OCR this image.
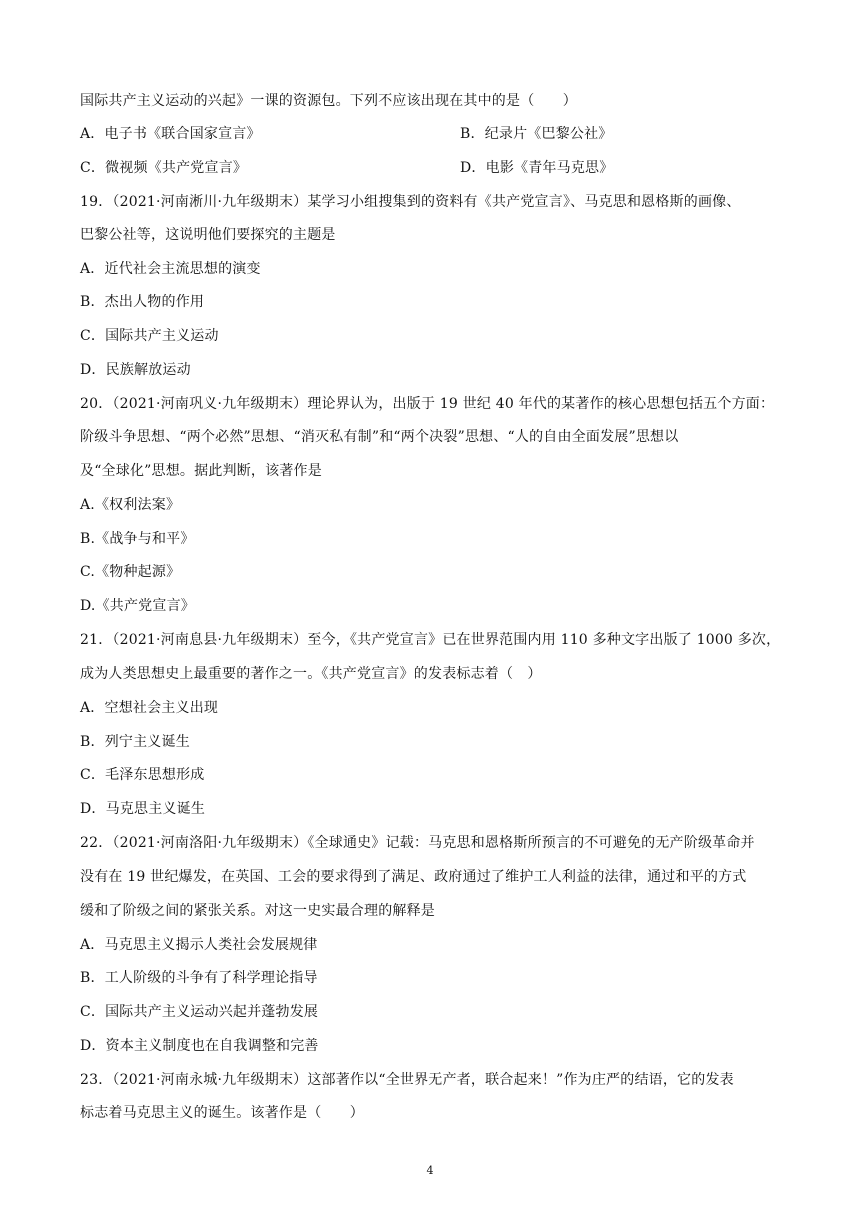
国际共产主义运动的兴起》一课的资源包。下列不应该出现在其中的是（　　）
A．电子书《联合国家宣言》	B．纪录片《巴黎公社》
C．微视频《共产党宣言》	D．电影《青年马克思》
19．（2021·河南淅川·九年级期末）某学习小组搜集到的资料有《共产党宣言》、马克思和恩格斯的画像、
巴黎公社等，这说明他们要探究的主题是
A．近代社会主流思想的演变
B．杰出人物的作用
C．国际共产主义运动
D．民族解放运动
20．（2021·河南巩义·九年级期末）理论界认为，出版于 19 世纪 40 年代的某著作的核心思想包括五个方面：
阶级斗争思想、“两个必然”思想、“消灭私有制”和“两个决裂”思想、“人的自由全面发展”思想以
及“全球化”思想。据此判断，该著作是
A.《权利法案》
B.《战争与和平》
C.《物种起源》
D.《共产党宣言》
21．（2021·河南息县·九年级期末）至今，《共产党宣言》已在世界范围内用 110 多种文字出版了 1000 多次，
成为人类思想史上最重要的著作之一。《共产党宣言》的发表标志着（　）
A．空想社会主义出现
B．列宁主义诞生
C．毛泽东思想形成
D．马克思主义诞生
22．（2021·河南洛阳·九年级期末）《全球通史》记载：马克思和恩格斯所预言的不可避免的无产阶级革命并
没有在 19 世纪爆发，在英国、工会的要求得到了满足、政府通过了维护工人利益的法律，通过和平的方式
缓和了阶级之间的紧张关系。对这一史实最合理的解释是
A．马克思主义揭示人类社会发展规律
B．工人阶级的斗争有了科学理论指导
C．国际共产主义运动兴起并蓬勃发展
D．资本主义制度也在自我调整和完善
23．（2021·河南永城·九年级期末）这部著作以“全世界无产者，联合起来！”作为庄严的结语，它的发表
标志着马克思主义的诞生。该著作是（　　）
4
